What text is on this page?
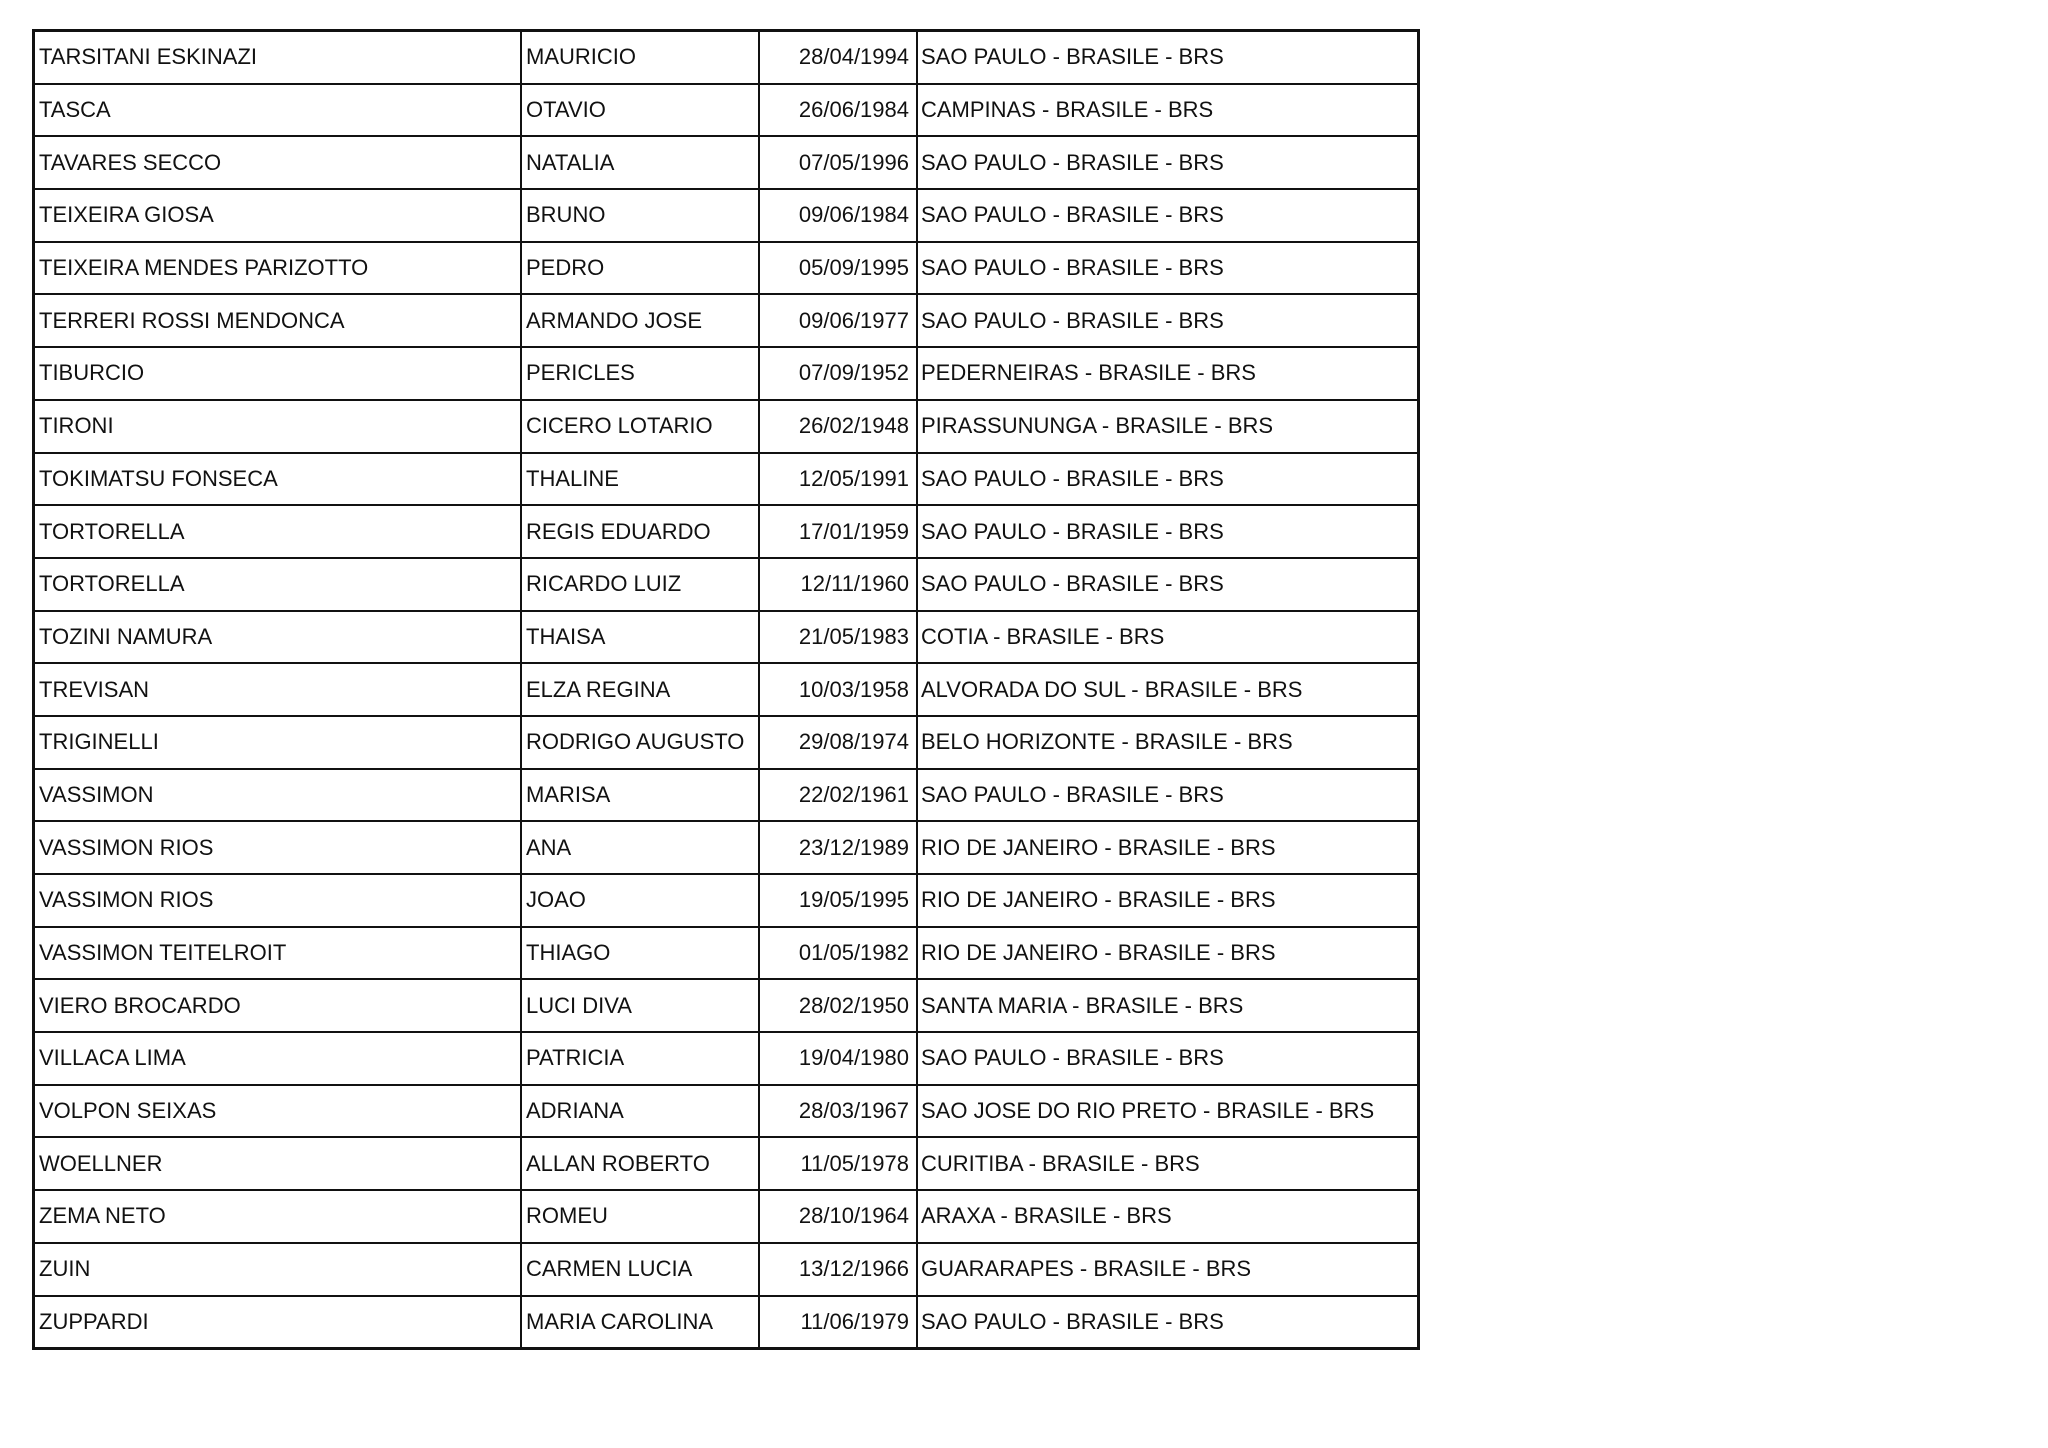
TARSITANI ESKINAZI	MAURICIO	28/04/1994	SAO PAULO - BRASILE - BRS
TASCA	OTAVIO	26/06/1984	CAMPINAS - BRASILE - BRS
TAVARES SECCO	NATALIA	07/05/1996	SAO PAULO - BRASILE - BRS
TEIXEIRA GIOSA	BRUNO	09/06/1984	SAO PAULO - BRASILE - BRS
TEIXEIRA MENDES PARIZOTTO	PEDRO	05/09/1995	SAO PAULO - BRASILE - BRS
TERRERI ROSSI MENDONCA	ARMANDO JOSE	09/06/1977	SAO PAULO - BRASILE - BRS
TIBURCIO	PERICLES	07/09/1952	PEDERNEIRAS - BRASILE - BRS
TIRONI	CICERO LOTARIO	26/02/1948	PIRASSUNUNGA - BRASILE - BRS
TOKIMATSU FONSECA	THALINE	12/05/1991	SAO PAULO - BRASILE - BRS
TORTORELLA	REGIS EDUARDO	17/01/1959	SAO PAULO - BRASILE - BRS
TORTORELLA	RICARDO LUIZ	12/11/1960	SAO PAULO - BRASILE - BRS
TOZINI NAMURA	THAISA	21/05/1983	COTIA - BRASILE - BRS
TREVISAN	ELZA REGINA	10/03/1958	ALVORADA DO SUL - BRASILE - BRS
TRIGINELLI	RODRIGO AUGUSTO	29/08/1974	BELO HORIZONTE - BRASILE - BRS
VASSIMON	MARISA	22/02/1961	SAO PAULO - BRASILE - BRS
VASSIMON RIOS	ANA	23/12/1989	RIO DE JANEIRO - BRASILE - BRS
VASSIMON RIOS	JOAO	19/05/1995	RIO DE JANEIRO - BRASILE - BRS
VASSIMON TEITELROIT	THIAGO	01/05/1982	RIO DE JANEIRO - BRASILE - BRS
VIERO BROCARDO	LUCI DIVA	28/02/1950	SANTA MARIA - BRASILE - BRS
VILLACA LIMA	PATRICIA	19/04/1980	SAO PAULO - BRASILE - BRS
VOLPON SEIXAS	ADRIANA	28/03/1967	SAO JOSE DO RIO PRETO - BRASILE - BRS
WOELLNER	ALLAN ROBERTO	11/05/1978	CURITIBA - BRASILE - BRS
ZEMA NETO	ROMEU	28/10/1964	ARAXA - BRASILE - BRS
ZUIN	CARMEN LUCIA	13/12/1966	GUARARAPES - BRASILE - BRS
ZUPPARDI	MARIA CAROLINA	11/06/1979	SAO PAULO - BRASILE - BRS
